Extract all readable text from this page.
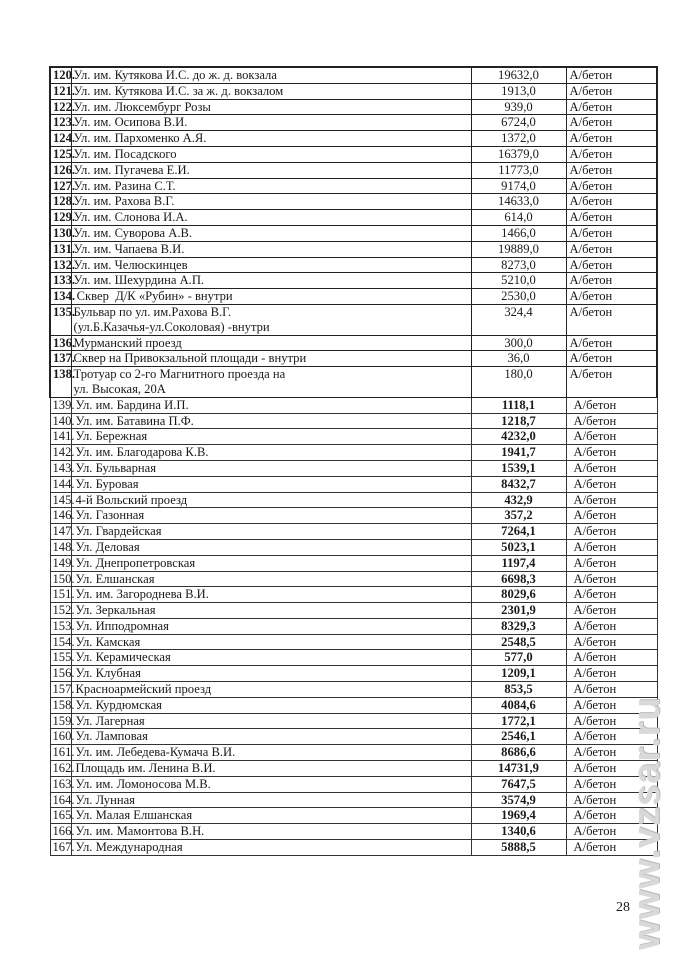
120.	Ул. им. Кутякова И.С. до ж. д. вокзала	19632,0	А/бетон
121.	Ул. им. Кутякова И.С. за ж. д. вокзалом	1913,0	А/бетон
122.	Ул. им. Люксембург Розы	939,0	А/бетон
123.	Ул. им. Осипова В.И.	6724,0	А/бетон
124.	Ул. им. Пархоменко А.Я.	1372,0	А/бетон
125.	Ул. им. Посадского	16379,0	А/бетон
126.	Ул. им. Пугачева Е.И.	11773,0	А/бетон
127.	Ул. им. Разина С.Т.	9174,0	А/бетон
128.	Ул. им. Рахова В.Г.	14633,0	А/бетон
129.	Ул. им. Слонова И.А.	614,0	А/бетон
130.	Ул. им. Суворова А.В.	1466,0	А/бетон
131.	Ул. им. Чапаева В.И.	19889,0	А/бетон
132.	Ул. им. Челюскинцев	8273,0	А/бетон
133.	Ул. им. Шехурдина А.П.	5210,0	А/бетон
134.	Сквер  Д/К «Рубин» - внутри	2530,0	А/бетон
135.	Бульвар по ул. им.Рахова В.Г.
(ул.Б.Казачья-ул.Соколовая) -внутри	324,4	А/бетон
136.	Мурманский проезд	300,0	А/бетон
137.	Сквер на Привокзальной площади - внутри	36,0	А/бетон
138.	Тротуар со 2-го Магнитного проезда на
ул. Высокая, 20А	180,0	А/бетон
139.	Ул. им. Бардина И.П.	1118,1	А/бетон
140.	Ул. им. Батавина П.Ф.	1218,7	А/бетон
141.	Ул. Бережная	4232,0	А/бетон
142.	Ул. им. Благодарова К.В.	1941,7	А/бетон
143.	Ул. Бульварная	1539,1	А/бетон
144.	Ул. Буровая	8432,7	А/бетон
145.	4-й Вольский проезд	432,9	А/бетон
146.	Ул. Газонная	357,2	А/бетон
147.	Ул. Гвардейская	7264,1	А/бетон
148.	Ул. Деловая	5023,1	А/бетон
149.	Ул. Днепропетровская	1197,4	А/бетон
150.	Ул. Елшанская	6698,3	А/бетон
151.	Ул. им. Загороднева В.И.	8029,6	А/бетон
152.	Ул. Зеркальная	2301,9	А/бетон
153.	Ул. Ипподромная	8329,3	А/бетон
154.	Ул. Камская	2548,5	А/бетон
155.	Ул. Керамическая	577,0	А/бетон
156.	Ул. Клубная	1209,1	А/бетон
157.	Красноармейский проезд	853,5	А/бетон
158.	Ул. Курдюмская	4084,6	А/бетон
159.	Ул. Лагерная	1772,1	А/бетон
160.	Ул. Ламповая	2546,1	А/бетон
161.	Ул. им. Лебедева-Кумача В.И.	8686,6	А/бетон
162.	Площадь им. Ленина В.И.	14731,9	А/бетон
163.	Ул. им. Ломоносова М.В.	7647,5	А/бетон
164.	Ул. Лунная	3574,9	А/бетон
165.	Ул. Малая Елшанская	1969,4	А/бетон
166.	Ул. им. Мамонтова В.Н.	1340,6	А/бетон
167.	Ул. Международная	5888,5	А/бетон
28
www.vzsar.ru
